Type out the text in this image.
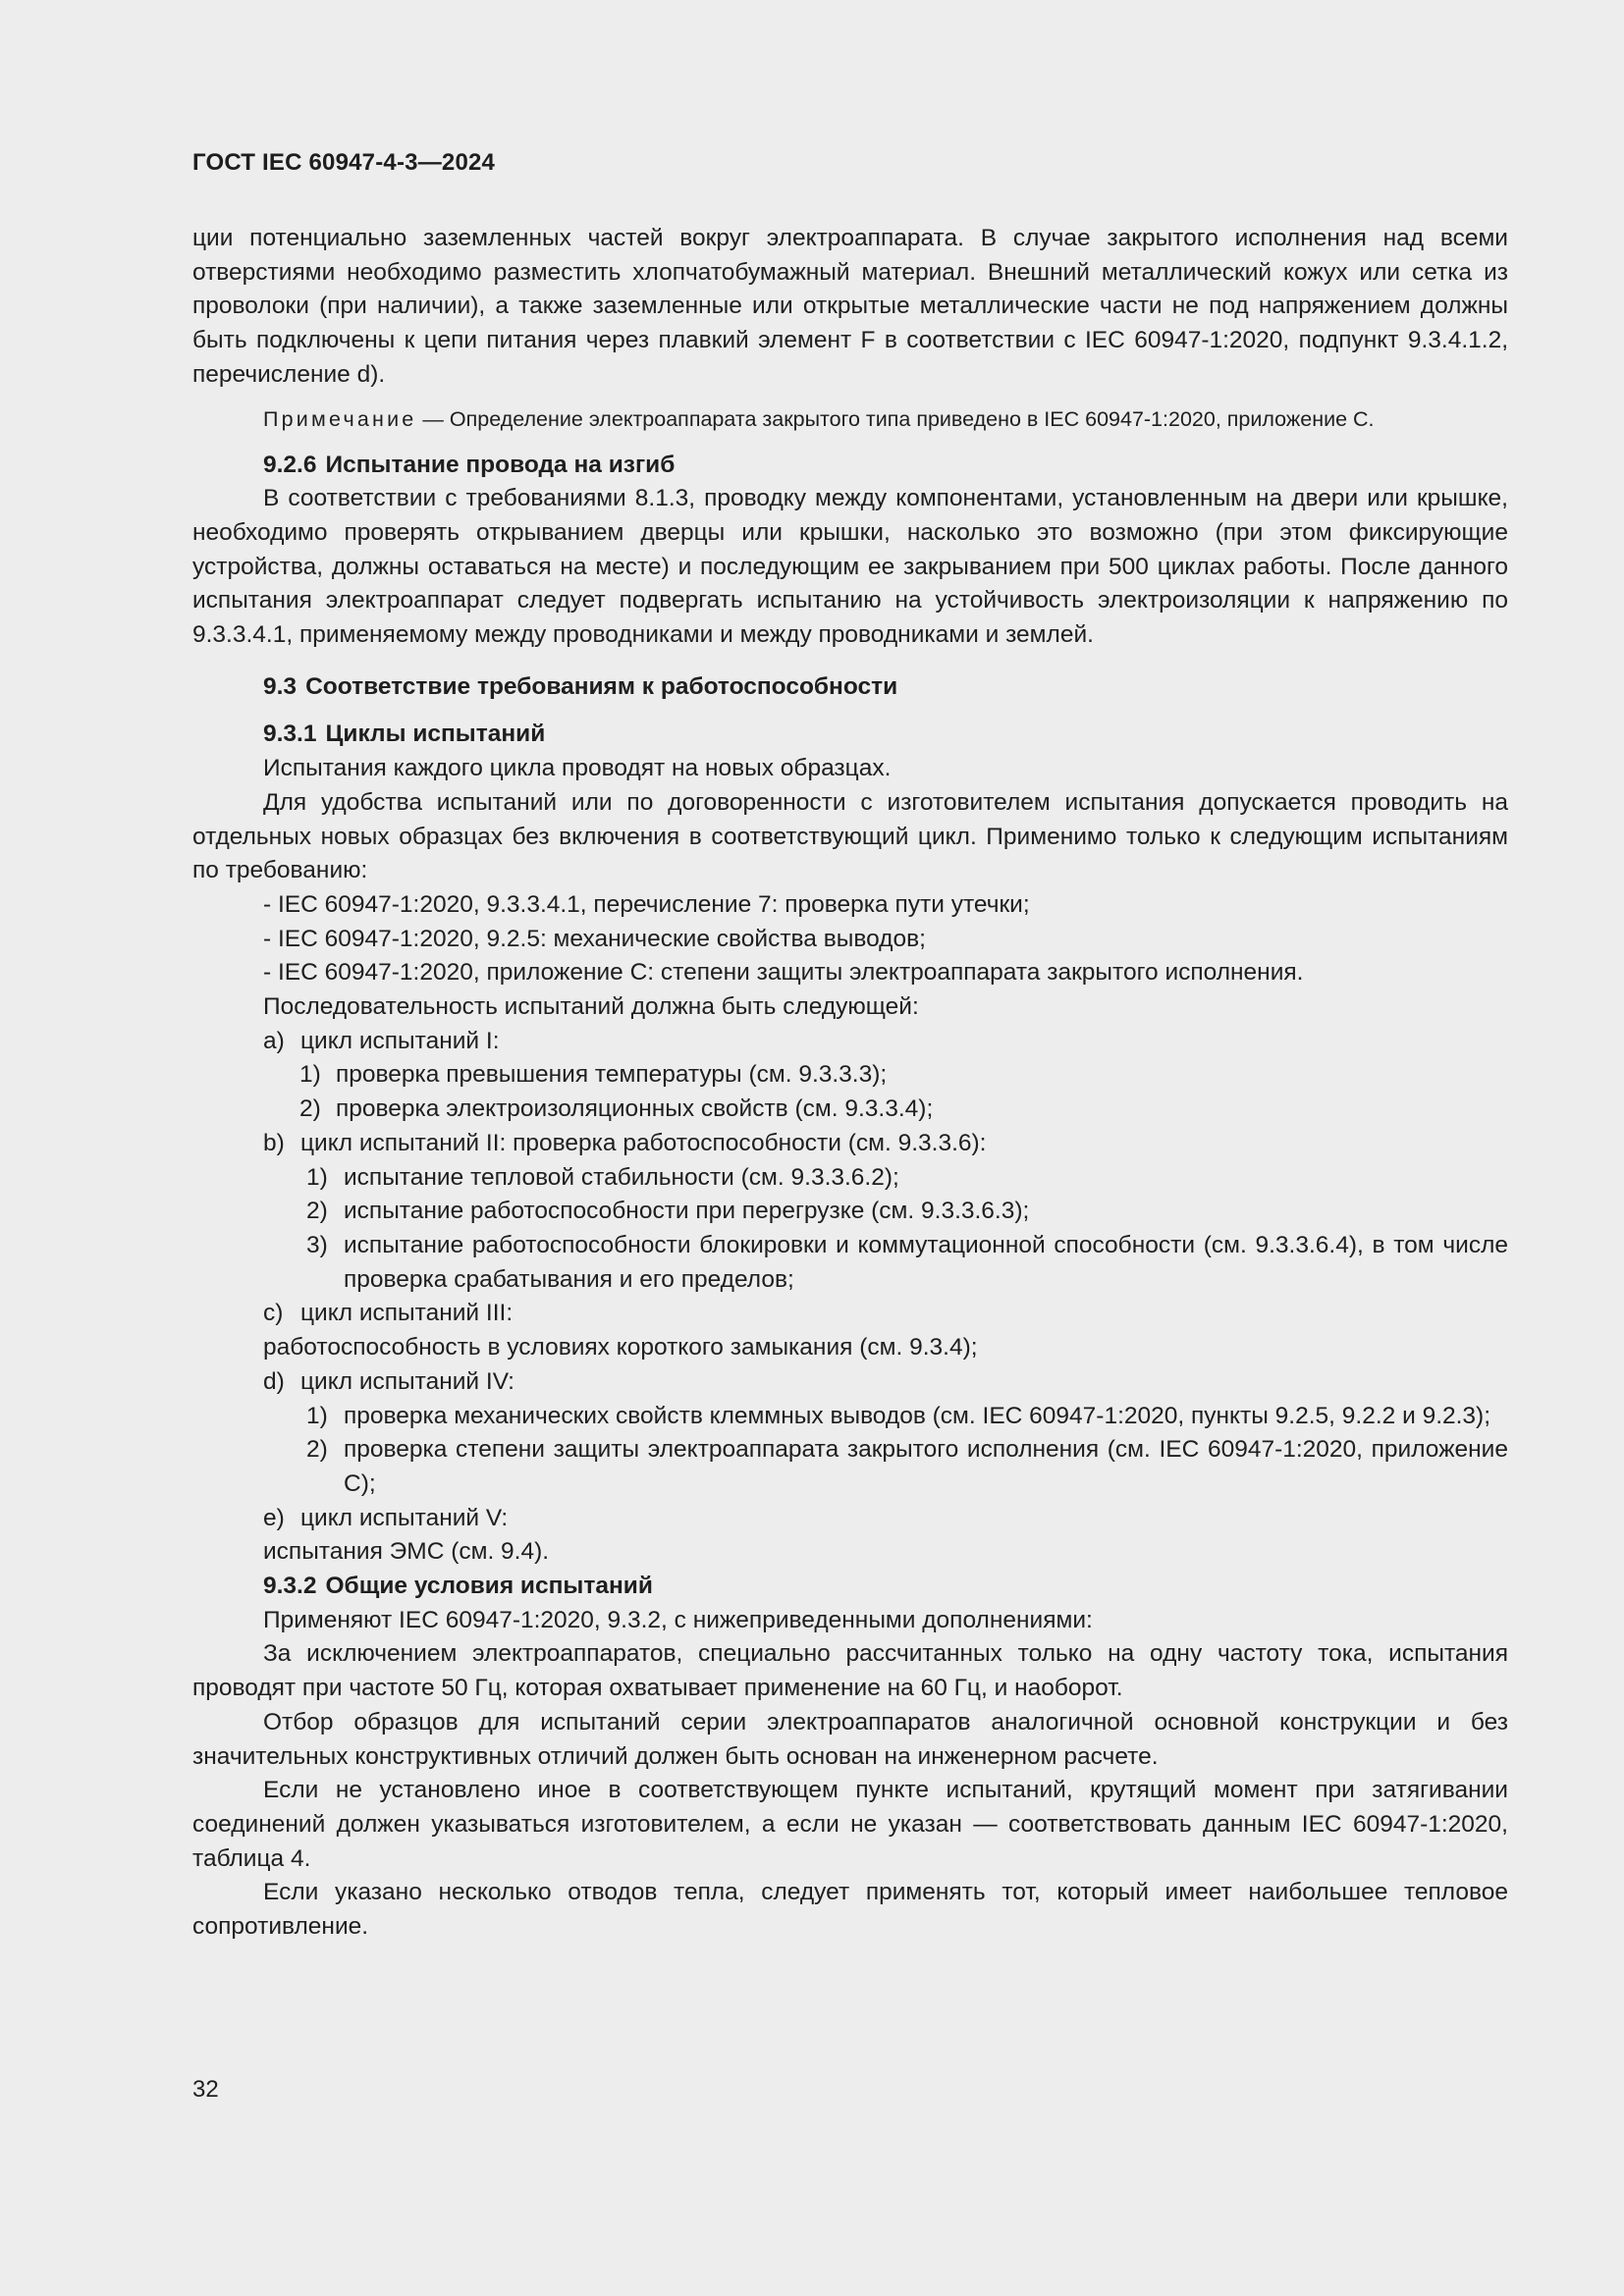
ГОСТ IEC 60947-4-3—2024

ции потенциально заземленных частей вокруг электроаппарата. В случае закрытого исполнения над всеми отверстиями необходимо разместить хлопчатобумажный материал. Внешний металлический кожух или сетка из проволоки (при наличии), а также заземленные или открытые металлические части не под напряжением должны быть подключены к цепи питания через плавкий элемент F в соответствии с IEC 60947-1:2020, подпункт 9.3.4.1.2, перечисление d).

Примечание — Определение электроаппарата закрытого типа приведено в IEC 60947-1:2020, приложение C.

9.2.6 Испытание провода на изгиб

В соответствии с требованиями 8.1.3, проводку между компонентами, установленным на двери или крышке, необходимо проверять открыванием дверцы или крышки, насколько это возможно (при этом фиксирующие устройства, должны оставаться на месте) и последующим ее закрыванием при 500 циклах работы. После данного испытания электроаппарат следует подвергать испытанию на устойчивость электроизоляции к напряжению по 9.3.3.4.1, применяемому между проводниками и между проводниками и землей.

9.3 Соответствие требованиям к работоспособности

9.3.1 Циклы испытаний

Испытания каждого цикла проводят на новых образцах.

Для удобства испытаний или по договоренности с изготовителем испытания допускается проводить на отдельных новых образцах без включения в соответствующий цикл. Применимо только к следующим испытаниям по требованию:

- IEC 60947-1:2020, 9.3.3.4.1, перечисление 7: проверка пути утечки;

- IEC 60947-1:2020, 9.2.5: механические свойства выводов;

- IEC 60947-1:2020, приложение C: степени защиты электроаппарата закрытого исполнения.

Последовательность испытаний должна быть следующей:

a) цикл испытаний I:

1) проверка превышения температуры (см. 9.3.3.3);

2) проверка электроизоляционных свойств (см. 9.3.3.4);

b) цикл испытаний II: проверка работоспособности (см. 9.3.3.6):

1) испытание тепловой стабильности (см. 9.3.3.6.2);

2) испытание работоспособности при перегрузке (см. 9.3.3.6.3);

3) испытание работоспособности блокировки и коммутационной способности (см. 9.3.3.6.4), в том числе проверка срабатывания и его пределов;

c) цикл испытаний III:

работоспособность в условиях короткого замыкания (см. 9.3.4);

d) цикл испытаний IV:

1) проверка механических свойств клеммных выводов (см. IEC 60947-1:2020, пункты 9.2.5, 9.2.2 и 9.2.3);

2) проверка степени защиты электроаппарата закрытого исполнения (см. IEC 60947-1:2020, приложение C);

e) цикл испытаний V:

испытания ЭМС (см. 9.4).

9.3.2 Общие условия испытаний

Применяют IEC 60947-1:2020, 9.3.2, с нижеприведенными дополнениями:

За исключением электроаппаратов, специально рассчитанных только на одну частоту тока, испытания проводят при частоте 50 Гц, которая охватывает применение на 60 Гц, и наоборот.

Отбор образцов для испытаний серии электроаппаратов аналогичной основной конструкции и без значительных конструктивных отличий должен быть основан на инженерном расчете.

Если не установлено иное в соответствующем пункте испытаний, крутящий момент при затягивании соединений должен указываться изготовителем, а если не указан — соответствовать данным IEC 60947-1:2020, таблица 4.

Если указано несколько отводов тепла, следует применять тот, который имеет наибольшее тепловое сопротивление.

32
